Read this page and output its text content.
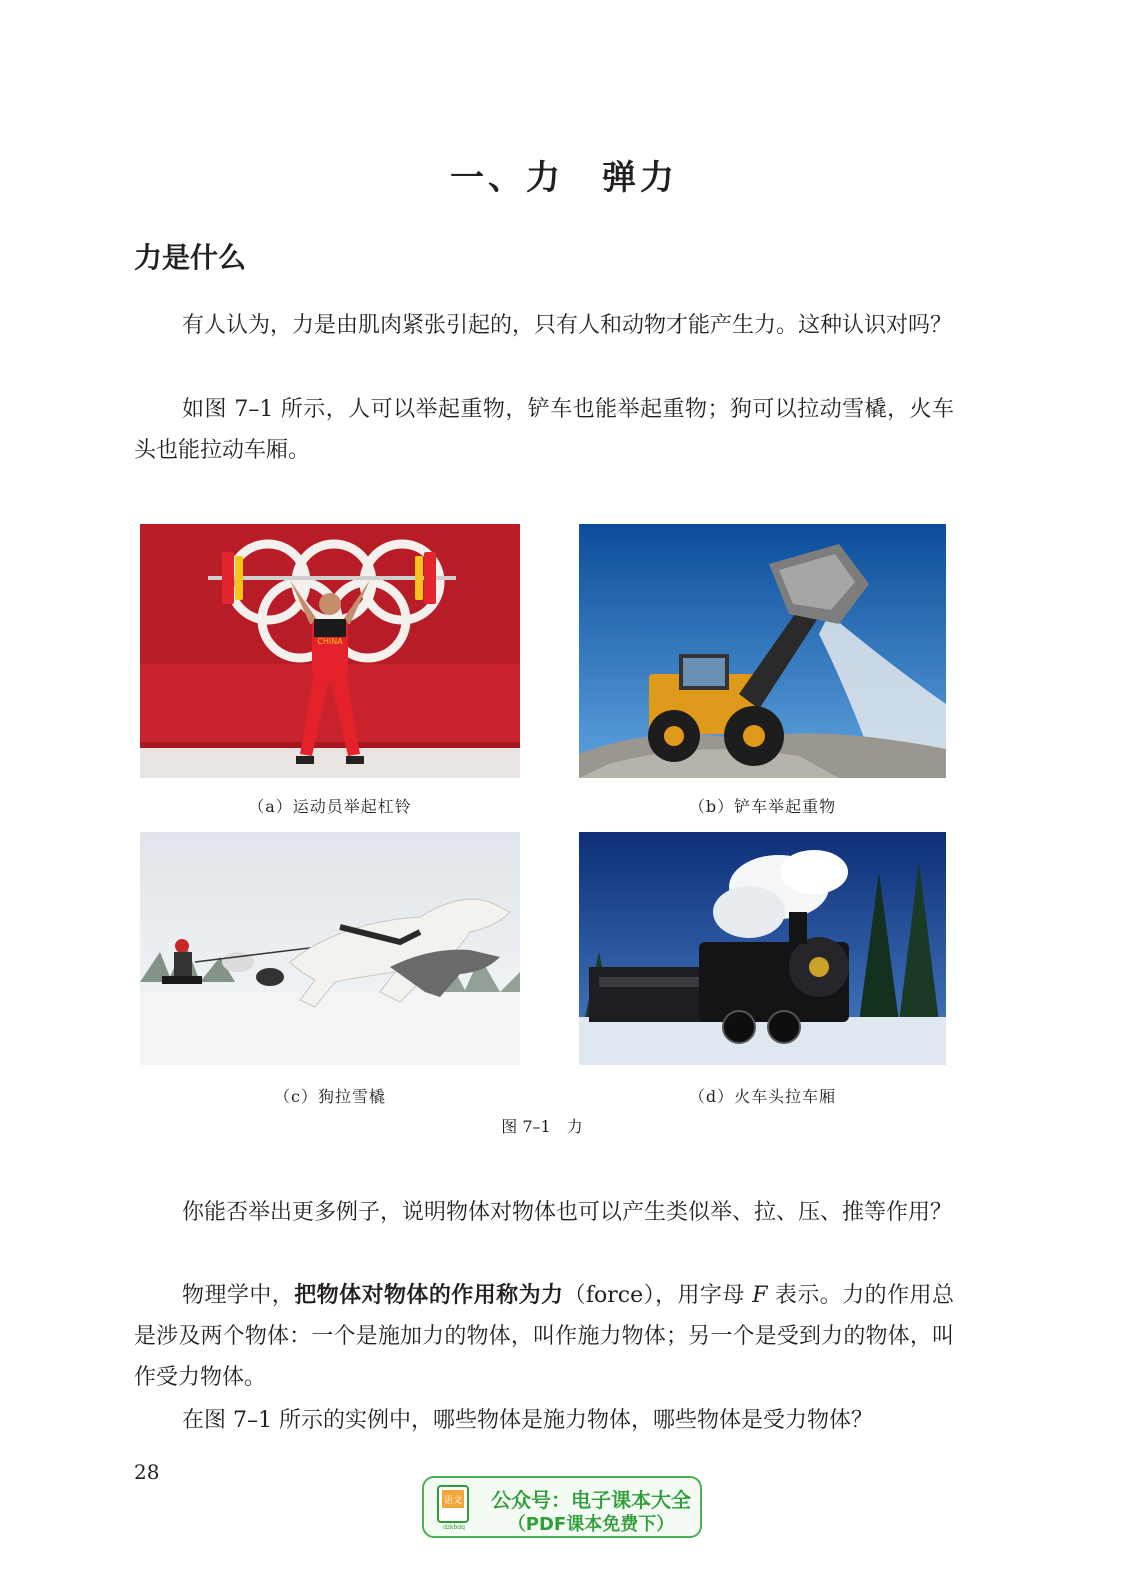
一、力　弹力
力是什么

有人认为，力是由肌肉紧张引起的，只有人和动物才能产生力。这种认识对吗？

如图 7–1 所示，人可以举起重物，铲车也能举起重物；狗可以拉动雪橇，火车头也能拉动车厢。

CHINA

（a）运动员举起杠铃	（b）铲车举起重物

（c）狗拉雪橇	（d）火车头拉车厢

图 7–1　力

你能否举出更多例子，说明物体对物体也可以产生类似举、拉、压、推等作用？

物理学中，把物体对物体的作用称为力（force），用字母 F 表示。力的作用总是涉及两个物体：一个是施加力的物体，叫作施力物体；另一个是受到力的物体，叫作受力物体。

在图 7–1 所示的实例中，哪些物体是施力物体，哪些物体是受力物体？

28

语文
dzkbdq
公众号：电子课本大全
（PDF课本免费下）
